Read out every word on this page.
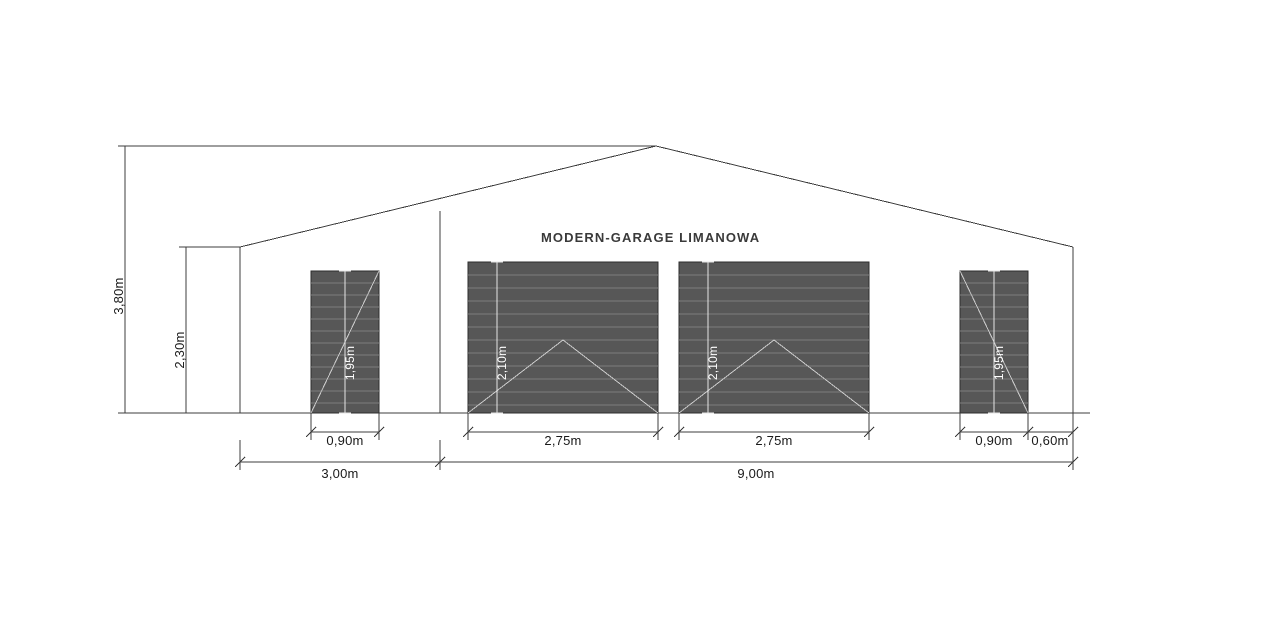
MODERN-GARAGE LIMANOWA
3,80m
2,30m	1,95m	2,10m	2,10m	1,95m
0,90m	2,75m	2,75m	0,90m 0,60m
3,00m	9,00m
